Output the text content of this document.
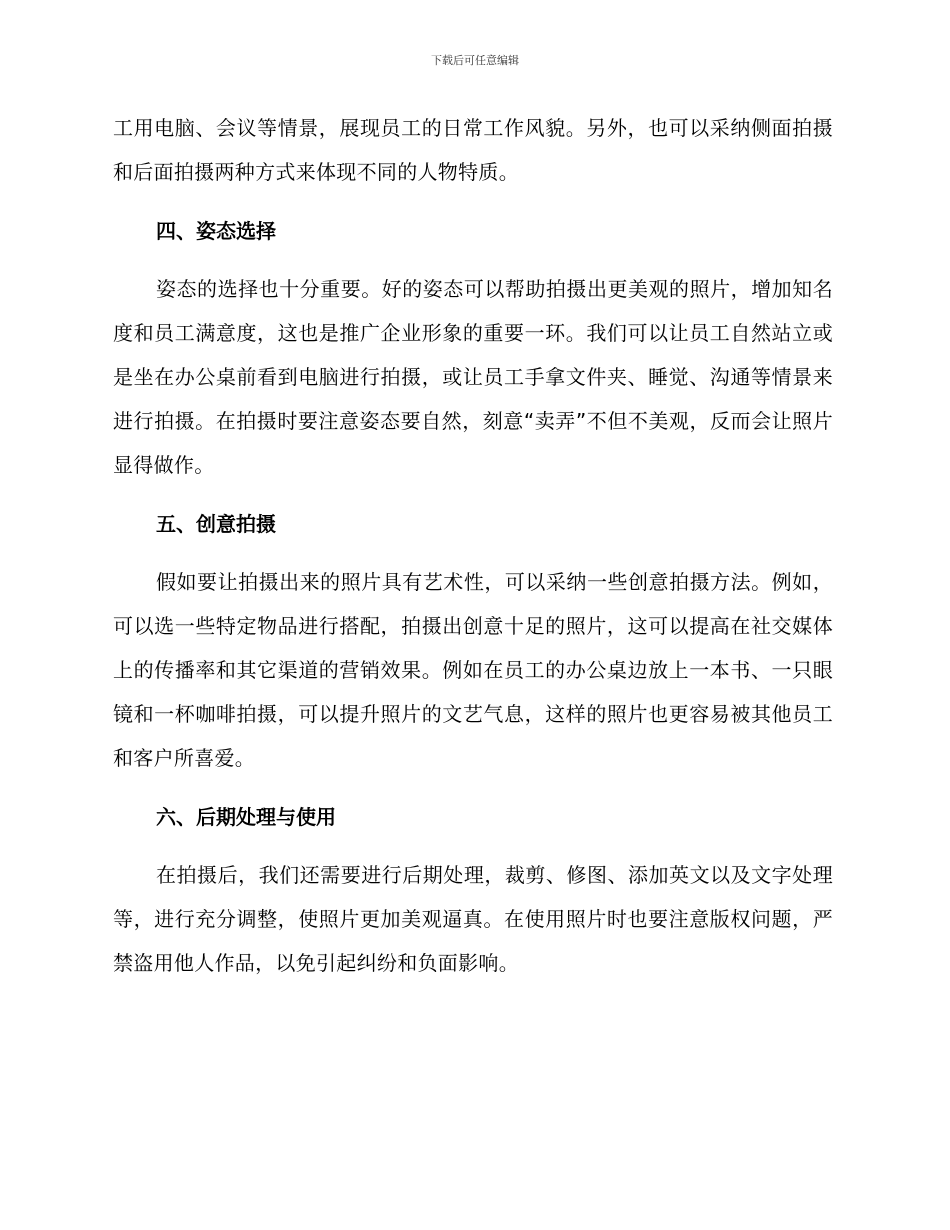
下载后可任意编辑

工用电脑、会议等情景，展现员工的日常工作风貌。另外，也可以采纳侧面拍摄和后面拍摄两种方式来体现不同的人物特质。

四、姿态选择

姿态的选择也十分重要。好的姿态可以帮助拍摄出更美观的照片，增加知名度和员工满意度，这也是推广企业形象的重要一环。我们可以让员工自然站立或是坐在办公桌前看到电脑进行拍摄，或让员工手拿文件夹、睡觉、沟通等情景来进行拍摄。在拍摄时要注意姿态要自然，刻意“卖弄”不但不美观，反而会让照片显得做作。

五、创意拍摄

假如要让拍摄出来的照片具有艺术性，可以采纳一些创意拍摄方法。例如，可以选一些特定物品进行搭配，拍摄出创意十足的照片，这可以提高在社交媒体上的传播率和其它渠道的营销效果。例如在员工的办公桌边放上一本书、一只眼镜和一杯咖啡拍摄，可以提升照片的文艺气息，这样的照片也更容易被其他员工和客户所喜爱。

六、后期处理与使用

在拍摄后，我们还需要进行后期处理，裁剪、修图、添加英文以及文字处理等，进行充分调整，使照片更加美观逼真。在使用照片时也要注意版权问题，严禁盗用他人作品，以免引起纠纷和负面影响。
